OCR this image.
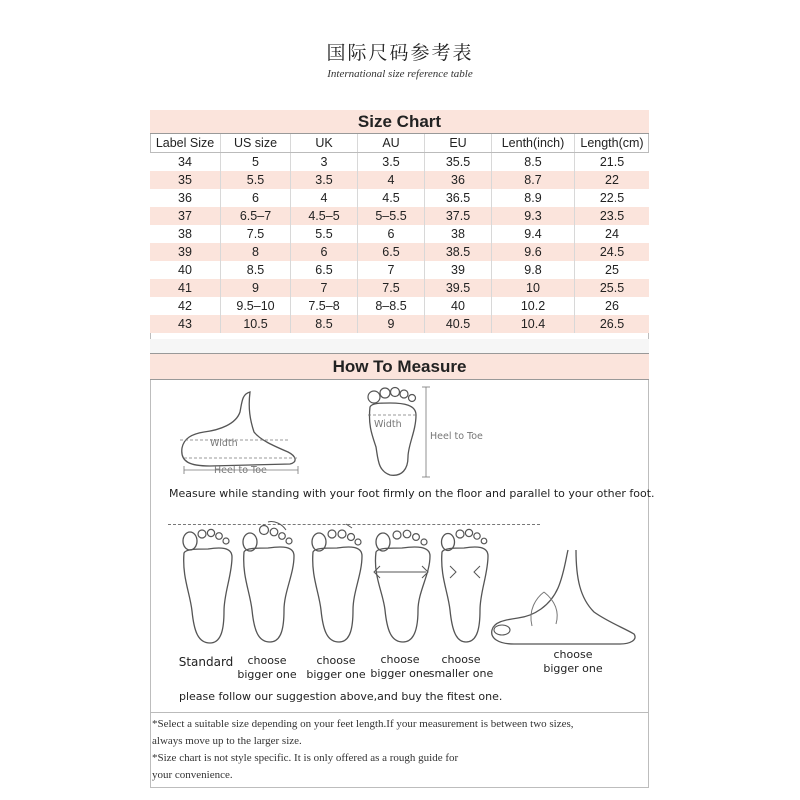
国际尺码参考表
International size reference table
Size Chart
Label Size	US size	UK	AU	EU	Lenth(inch)	Length(cm)
34	5	3	3.5	35.5	8.5	21.5
35	5.5	3.5	4	36	8.7	22
36	6	4	4.5	36.5	8.9	22.5
37	6.5–7	4.5–5	5–5.5	37.5	9.3	23.5
38	7.5	5.5	6	38	9.4	24
39	8	6	6.5	38.5	9.6	24.5
40	8.5	6.5	7	39	9.8	25
41	9	7	7.5	39.5	10	25.5
42	9.5–10	7.5–8	8–8.5	40	10.2	26
43	10.5	8.5	9	40.5	10.4	26.5
How To Measure
Width
Heel to Toe
Width
Heel to Toe
Measure while standing with your foot firmly on the floor and parallel to your other foot.
Standard	choose
bigger one
choose
bigger one
choose
bigger one
choose
smaller one
choose
bigger one
please follow our suggestion above,and buy the fitest one.
*Select a suitable size depending on your feet length.If your measurement is between two sizes,
always move up to the larger size.
*Size chart is not style specific. It is only offered as a rough guide for
your convenience.
